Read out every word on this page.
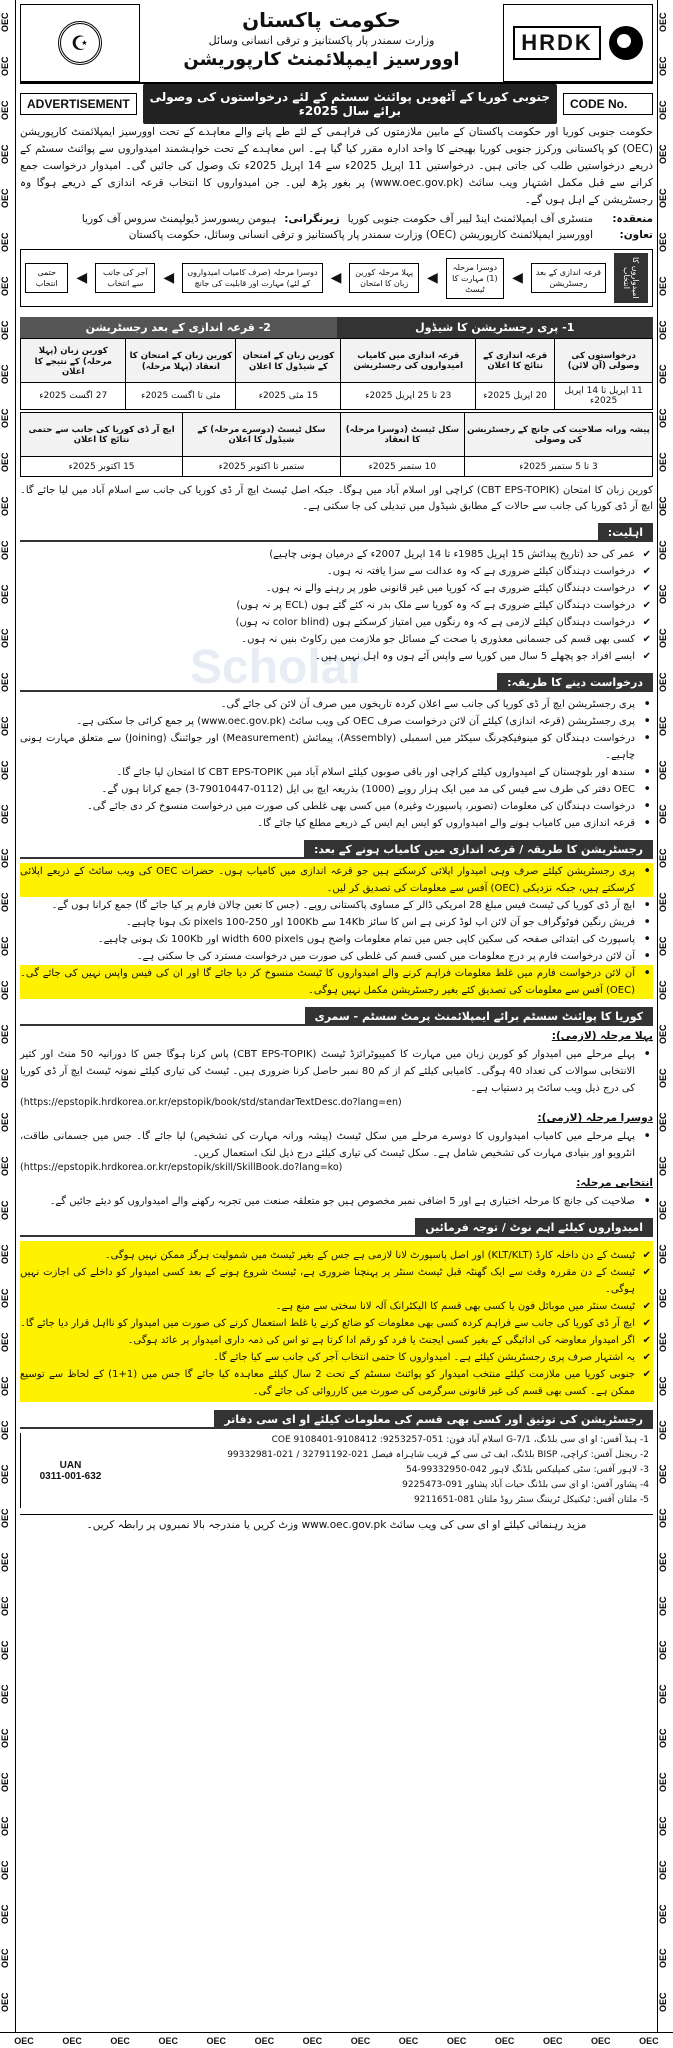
OEC
OEC
OEC
OEC
OEC
OEC
OEC
OEC
OEC
OEC
OEC
OEC
OEC
OEC
OEC
OEC
OEC
OEC
OEC
OEC
OEC
OEC
OEC
OEC
OEC
OEC
OEC
OEC
OEC
OEC
OEC
OEC
OEC
OEC
OEC
OEC
OEC
OEC
OEC
OEC
OEC
OEC
OEC
OEC
OEC
OEC
OEC
OEC
OEC
OEC
OEC
OEC
OEC
OEC
OEC
OEC
OEC
OEC
OEC
OEC
OEC
OEC
OEC
OEC
OEC
OEC
OEC
OEC
OEC
OEC
OEC
OEC
OEC
OEC
OEC
OEC
OEC
OEC
OEC
OEC
OEC
OEC
OEC
OEC
OEC
OEC
OEC
OEC
OEC
OEC
OEC
OEC
OEC	OEC	OEC	OEC	OEC	OEC	OEC	OEC	OEC	OEC	OEC	OEC	OEC	OEC
Scholar
☪
حکومت پاکستان
وزارت سمندر پار پاکستانیز و ترقی انسانی وسائل
اوورسیز ایمپلائمنٹ کارپوریشن
HRDK
ADVERTISEMENT	جنوبی کوریا کے آٹھویں پوائنٹ سسٹم کے لئے درخواستوں کی وصولی برائے سال 2025ء	CODE No.
حکومت جنوبی کوریا اور حکومت پاکستان کے مابین ملازمتوں کی فراہمی کے لئے طے پانے والے معاہدے کے تحت اوورسیز ایمپلائمنٹ کارپوریشن (OEC) کو پاکستانی ورکرز جنوبی کوریا بھیجنے کا واحد ادارہ مقرر کیا گیا ہے۔ اس معاہدے کے تحت خواہشمند امیدواروں سے پوائنٹ سسٹم کے ذریعے درخواستیں طلب کی جاتی ہیں۔ درخواستیں 11 اپریل 2025ء سے 14 اپریل 2025ء تک وصول کی جائیں گی۔ امیدوار درخواست جمع کرانے سے قبل مکمل اشتہار ویب سائٹ (www.oec.gov.pk) پر بغور پڑھ لیں۔ جن امیدواروں کا انتخاب قرعہ اندازی کے ذریعے ہوگا وہ رجسٹریشن کے اہل ہوں گے۔
منعقدہ:
منسٹری آف ایمپلائمنٹ اینڈ لیبر آف حکومت جنوبی کوریا
زیرنگرانی:
ہیومن ریسورسز ڈیولپمنٹ سروس آف کوریا
تعاون:
اوورسیز ایمپلائمنٹ کارپوریشن (OEC) وزارت سمندر پار پاکستانیز و ترقی انسانی وسائل، حکومت پاکستان
امیدواروں کا انتخاب
قرعہ اندازی کے بعد رجسٹریشن
◀
دوسرا مرحلہ (1) مہارت کا ٹیسٹ
◀
پہلا مرحلہ کورین زبان کا امتحان
◀
دوسرا مرحلہ (صرف کامیاب امیدواروں کے لئے) مہارت اور قابلیت کی جانچ
◀
آجر کی جانب سے انتخاب
◀
حتمی انتخاب
1- پری رجسٹریشن کا شیڈول
2- قرعہ اندازی کے بعد رجسٹریشن
درخواستوں کی وصولی (آن لائن)	قرعہ اندازی کے نتائج کا اعلان	قرعہ اندازی میں کامیاب امیدواروں کی رجسٹریشن	کورین زبان کے امتحان کے شیڈول کا اعلان	کورین زبان کے امتحان کا انعقاد (پہلا مرحلہ)	کورین زبان (پہلا مرحلہ) کے نتیجے کا اعلان
11 اپریل تا 14 اپریل 2025ء	20 اپریل 2025ء	23 تا 25 اپریل 2025ء	15 مئی 2025ء	مئی تا اگست 2025ء	27 اگست 2025ء
پیشہ ورانہ صلاحیت کی جانچ کے رجسٹریشن کی وصولی	سکل ٹیسٹ (دوسرا مرحلہ) کا انعقاد	سکل ٹیسٹ (دوسرے مرحلہ) کے شیڈول کا اعلان	ایچ آر ڈی کوریا کی جانب سے حتمی نتائج کا اعلان
3 تا 5 ستمبر 2025ء	10 ستمبر 2025ء	ستمبر تا اکتوبر 2025ء	15 اکتوبر 2025ء
کورین زبان کا امتحان (CBT EPS-TOPIK) کراچی اور اسلام آباد میں ہوگا۔ جبکہ اصل ٹیسٹ ایچ آر ڈی کوریا کی جانب سے اسلام آباد میں لیا جائے گا۔ ایچ آر ڈی کوریا کی جانب سے حالات کے مطابق شیڈول میں تبدیلی کی جا سکتی ہے۔
اہلیت:
✔ عمر کی حد (تاریخ پیدائش 15 اپریل 1985ء تا 14 اپریل 2007ء کے درمیان ہونی چاہیے)
✔ درخواست دہندگان کیلئے ضروری ہے کہ وہ عدالت سے سزا یافتہ نہ ہوں۔
✔ درخواست دہندگان کیلئے ضروری ہے کہ کوریا میں غیر قانونی طور پر رہنے والے نہ ہوں۔
✔ درخواست دہندگان کیلئے ضروری ہے کہ وہ کوریا سے ملک بدر نہ کئے گئے ہوں (ECL پر نہ ہوں)
✔ درخواست دہندگان کیلئے لازمی ہے کہ وہ رنگوں میں امتیاز کرسکتے ہوں (color blind نہ ہوں)
✔ کسی بھی قسم کی جسمانی معذوری یا صحت کے مسائل جو ملازمت میں رکاوٹ بنیں نہ ہوں۔
✔ ایسے افراد جو پچھلے 5 سال میں کوریا سے واپس آئے ہوں وہ اہل نہیں ہیں۔
درخواست دینے کا طریقہ:
• پری رجسٹریشن ایچ آر ڈی کوریا کی جانب سے اعلان کردہ تاریخوں میں صرف آن لائن کی جائے گی۔
• پری رجسٹریشن (قرعہ اندازی) کیلئے آن لائن درخواست صرف OEC کی ویب سائٹ (www.oec.gov.pk) پر جمع کرائی جا سکتی ہے۔
• درخواست دہندگان کو مینوفیکچرنگ سیکٹر میں اسمبلی (Assembly)، پیمائش (Measurement) اور جوائننگ (Joining) سے متعلق مہارت ہونی چاہیے۔
• سندھ اور بلوچستان کے امیدواروں کیلئے کراچی اور باقی صوبوں کیلئے اسلام آباد میں CBT EPS-TOPIK کا امتحان لیا جائے گا۔
• OEC دفتر کی طرف سے فیس کی مد میں ایک ہزار روپے (1000) بذریعہ ایچ بی ایل (0112-79010447-3) جمع کرانا ہوں گے۔
• درخواست دہندگان کی معلومات (تصویر، پاسپورٹ وغیرہ) میں کسی بھی غلطی کی صورت میں درخواست منسوخ کر دی جائے گی۔
• قرعہ اندازی میں کامیاب ہونے والے امیدواروں کو ایس ایم ایس کے ذریعے مطلع کیا جائے گا۔
رجسٹریشن کا طریقہ / قرعہ اندازی میں کامیاب ہونے کے بعد:
• پری رجسٹریشن کیلئے صرف وہی امیدوار اپلائی کرسکتے ہیں جو قرعہ اندازی میں کامیاب ہوں۔ حضرات OEC کی ویب سائٹ کے ذریعے اپلائی کرسکتے ہیں، جبکہ نزدیکی (OEC) آفس سے معلومات کی تصدیق کر لیں۔
• ایچ آر ڈی کوریا کی ٹیسٹ فیس مبلغ 28 امریکی ڈالر کے مساوی پاکستانی روپے۔ (جس کا تعین چالان فارم پر کیا جائے گا) جمع کرانا ہوں گے۔
• فریش رنگین فوٹوگراف جو آن لائن اپ لوڈ کرنی ہے اس کا سائز 14Kb سے 100Kb اور pixels 100-250 تک ہونا چاہیے۔
• پاسپورٹ کی ابتدائی صفحہ کی سکین کاپی جس میں تمام معلومات واضح ہوں width 600 pixels اور 100Kb تک ہونی چاہیے۔
• آن لائن درخواست فارم پر درج معلومات میں کسی قسم کی غلطی کی صورت میں درخواست مسترد کی جا سکتی ہے۔
• آن لائن درخواست فارم میں غلط معلومات فراہم کرنے والے امیدواروں کا ٹیسٹ منسوخ کر دیا جائے گا اور ان کی فیس واپس نہیں کی جائے گی۔ (OEC) آفس سے معلومات کی تصدیق کئے بغیر رجسٹریشن مکمل نہیں ہوگی۔
کوریا کا پوائنٹ سسٹم برائے ایمپلائمنٹ پرمٹ سسٹم - سمری
پہلا مرحلہ (لازمی):
• پہلے مرحلے میں امیدوار کو کورین زبان میں مہارت کا کمپیوٹرائزڈ ٹیسٹ (CBT EPS-TOPIK) پاس کرنا ہوگا جس کا دورانیہ 50 منٹ اور کثیر الانتخابی سوالات کی تعداد 40 ہوگی۔ کامیابی کیلئے کم از کم 80 نمبر حاصل کرنا ضروری ہیں۔ ٹیسٹ کی تیاری کیلئے نمونہ ٹیسٹ ایچ آر ڈی کوریا کی درج ذیل ویب سائٹ پر دستیاب ہے۔
(https://epstopik.hrdkorea.or.kr/epstopik/book/std/standarTextDesc.do?lang=en)
دوسرا مرحلہ (لازمی):
• پہلے مرحلے میں کامیاب امیدواروں کا دوسرے مرحلے میں سکل ٹیسٹ (پیشہ ورانہ مہارت کی تشخیص) لیا جائے گا۔ جس میں جسمانی طاقت، انٹرویو اور بنیادی مہارت کی تشخیص شامل ہے۔ سکل ٹیسٹ کی تیاری کیلئے درج ذیل لنک استعمال کریں۔
(https://epstopik.hrdkorea.or.kr/epstopik/skill/SkillBook.do?lang=ko)
انتخابی مرحلہ:
• صلاحیت کی جانچ کا مرحلہ اختیاری ہے اور 5 اضافی نمبر مخصوص ہیں جو متعلقہ صنعت میں تجربہ رکھنے والے امیدواروں کو دیئے جائیں گے۔
امیدواروں کیلئے اہم نوٹ / توجہ فرمائیں
✔ ٹیسٹ کے دن داخلہ کارڈ (KLT/KLT) اور اصل پاسپورٹ لانا لازمی ہے جس کے بغیر ٹیسٹ میں شمولیت ہرگز ممکن نہیں ہوگی۔
✔ ٹیسٹ کے دن مقررہ وقت سے ایک گھنٹہ قبل ٹیسٹ سنٹر پر پہنچنا ضروری ہے، ٹیسٹ شروع ہونے کے بعد کسی امیدوار کو داخلے کی اجازت نہیں ہوگی۔
✔ ٹیسٹ سنٹر میں موبائل فون یا کسی بھی قسم کا الیکٹرانک آلہ لانا سختی سے منع ہے۔
✔ ایچ آر ڈی کوریا کی جانب سے فراہم کردہ کسی بھی معلومات کو ضائع کرنے یا غلط استعمال کرنے کی صورت میں امیدوار کو نااہل قرار دیا جائے گا۔
✔ اگر امیدوار معاوضہ کی ادائیگی کے بغیر کسی ایجنٹ یا فرد کو رقم ادا کرتا ہے تو اس کی ذمہ داری امیدوار پر عائد ہوگی۔
✔ یہ اشتہار صرف پری رجسٹریشن کیلئے ہے۔ امیدواروں کا حتمی انتخاب آجر کی جانب سے کیا جائے گا۔
✔ جنوبی کوریا میں ملازمت کیلئے منتخب امیدوار کو پوائنٹ سسٹم کے تحت 2 سال کیلئے معاہدہ کیا جائے گا جس میں (1+1) کے لحاظ سے توسیع ممکن ہے۔ کسی بھی قسم کی غیر قانونی سرگرمی کی صورت میں کارروائی کی جائے گی۔
رجسٹریشن کی توثیق اور کسی بھی قسم کی معلومات کیلئے او ای سی دفاتر
UAN
0311-001-632
1- ہیڈ آفس: او ای سی بلڈنگ، G-7/1 اسلام آباد فون: 051-9253257: COE 9108401-9108412
2- ریجنل آفس: کراچی، BISP بلڈنگ، ایف ٹی سی کے قریب شاہراہ فیصل 021-32791192 / 021-99332981
3- لاہور آفس: سٹی کمپلیکس بلڈنگ لاہور 042-99332950-54
4- پشاور آفس: او ای سی بلڈنگ حیات آباد پشاور 091-9225473
5- ملتان آفس: ٹیکنیکل ٹریننگ سنٹر روڈ ملتان 081-9211651
مزید رہنمائی کیلئے او ای سی کی ویب سائٹ www.oec.gov.pk وزٹ کریں یا مندرجہ بالا نمبروں پر رابطہ کریں۔
